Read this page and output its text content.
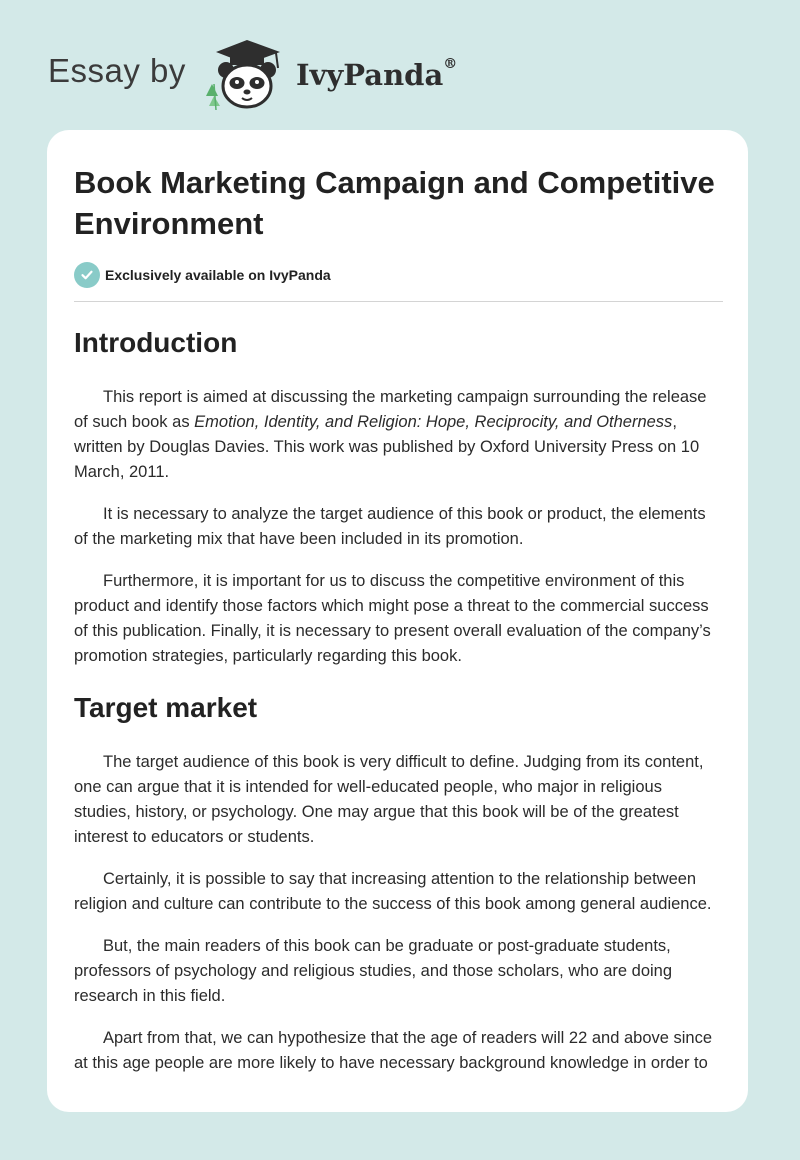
Essay by	IvyPanda®
Book Marketing Campaign and Competitive Environment
Exclusively available on IvyPanda
Introduction

This report is aimed at discussing the marketing campaign surrounding the release of such book as Emotion, Identity, and Religion: Hope, Reciprocity, and Otherness, written by Douglas Davies. This work was published by Oxford University Press on 10 March, 2011.

It is necessary to analyze the target audience of this book or product, the elements of the marketing mix that have been included in its promotion.

Furthermore, it is important for us to discuss the competitive environment of this product and identify those factors which might pose a threat to the commercial success of this publication. Finally, it is necessary to present overall evaluation of the company’s promotion strategies, particularly regarding this book.

Target market

The target audience of this book is very difficult to define. Judging from its content, one can argue that it is intended for well-educated people, who major in religious studies, history, or psychology. One may argue that this book will be of the greatest interest to educators or students.

Certainly, it is possible to say that increasing attention to the relationship between religion and culture can contribute to the success of this book among general audience.

But, the main readers of this book can be graduate or post-graduate students, professors of psychology and religious studies, and those scholars, who are doing research in this field.

Apart from that, we can hypothesize that the age of readers will 22 and above since at this age people are more likely to have necessary background knowledge in order to
